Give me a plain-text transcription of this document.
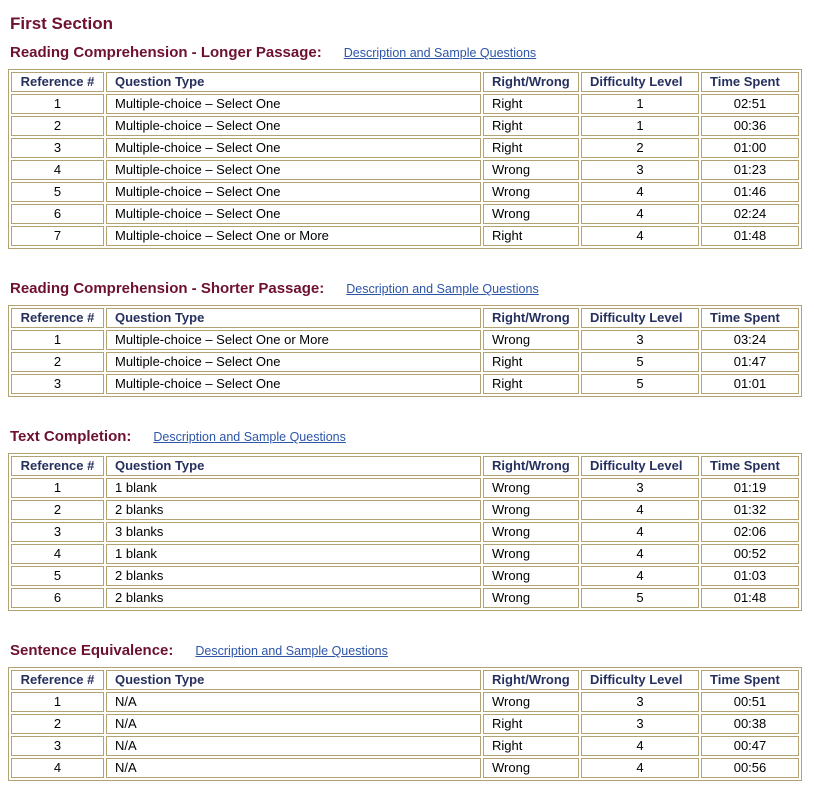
First Section
Reading Comprehension - Longer Passage: Description and Sample Questions
Reference #	Question Type	Right/Wrong	Difficulty Level	Time Spent
1	Multiple-choice – Select One	Right	1	02:51
2	Multiple-choice – Select One	Right	1	00:36
3	Multiple-choice – Select One	Right	2	01:00
4	Multiple-choice – Select One	Wrong	3	01:23
5	Multiple-choice – Select One	Wrong	4	01:46
6	Multiple-choice – Select One	Wrong	4	02:24
7	Multiple-choice – Select One or More	Right	4	01:48
Reading Comprehension - Shorter Passage: Description and Sample Questions
Reference #	Question Type	Right/Wrong	Difficulty Level	Time Spent
1	Multiple-choice – Select One or More	Wrong	3	03:24
2	Multiple-choice – Select One	Right	5	01:47
3	Multiple-choice – Select One	Right	5	01:01
Text Completion: Description and Sample Questions
Reference #	Question Type	Right/Wrong	Difficulty Level	Time Spent
1	1 blank	Wrong	3	01:19
2	2 blanks	Wrong	4	01:32
3	3 blanks	Wrong	4	02:06
4	1 blank	Wrong	4	00:52
5	2 blanks	Wrong	4	01:03
6	2 blanks	Wrong	5	01:48
Sentence Equivalence: Description and Sample Questions
Reference #	Question Type	Right/Wrong	Difficulty Level	Time Spent
1	N/A	Wrong	3	00:51
2	N/A	Right	3	00:38
3	N/A	Right	4	00:47
4	N/A	Wrong	4	00:56
